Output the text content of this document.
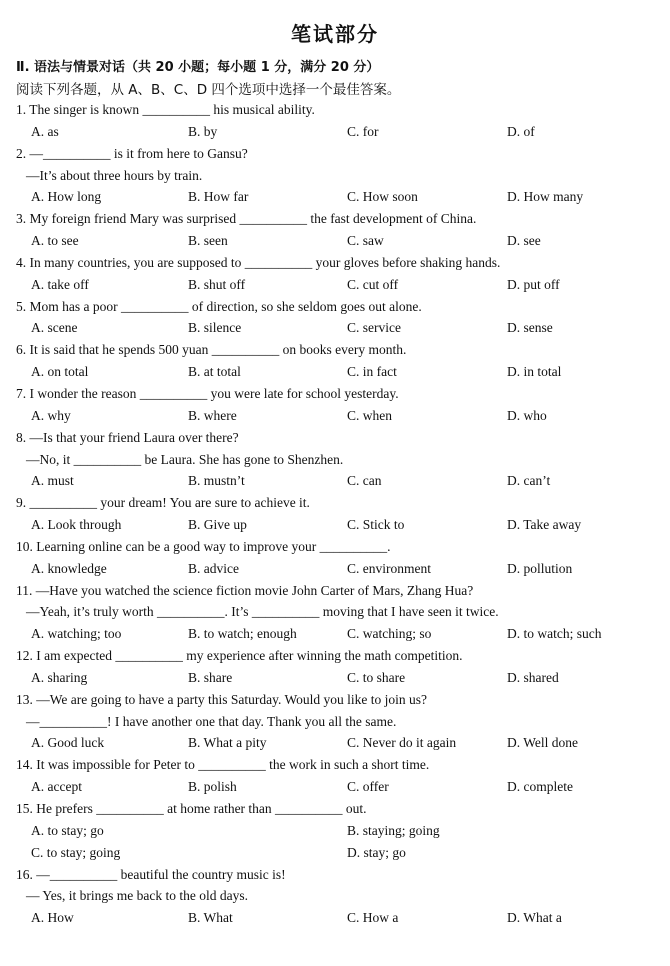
笔试部分
Ⅱ. 语法与情景对话（共 20 小题；每小题 1 分，满分 20 分）
阅读下列各题，从 A、B、C、D 四个选项中选择一个最佳答案。
1. The singer is known __________ his musical ability.
A. as	B. by	C. for	D. of
2. —__________ is it from here to Gansu?
—It’s about three hours by train.
A. How long	B. How far	C. How soon	D. How many
3. My foreign friend Mary was surprised __________ the fast development of China.
A. to see	B. seen	C. saw	D. see
4. In many countries, you are supposed to __________ your gloves before shaking hands.
A. take off	B. shut off	C. cut off	D. put off
5. Mom has a poor __________ of direction, so she seldom goes out alone.
A. scene	B. silence	C. service	D. sense
6. It is said that he spends 500 yuan __________ on books every month.
A. on total	B. at total	C. in fact	D. in total
7. I wonder the reason __________ you were late for school yesterday.
A. why	B. where	C. when	D. who
8. —Is that your friend Laura over there?
—No, it __________ be Laura. She has gone to Shenzhen.
A. must	B. mustn’t	C. can	D. can’t
9. __________ your dream! You are sure to achieve it.
A. Look through	B. Give up	C. Stick to	D. Take away
10. Learning online can be a good way to improve your __________.
A. knowledge	B. advice	C. environment	D. pollution
11. —Have you watched the science fiction movie John Carter of Mars, Zhang Hua?
—Yeah, it’s truly worth __________. It’s __________ moving that I have seen it twice.
A. watching; too	B. to watch; enough	C. watching; so	D. to watch; such
12. I am expected __________ my experience after winning the math competition.
A. sharing	B. share	C. to share	D. shared
13. —We are going to have a party this Saturday. Would you like to join us?
—__________! I have another one that day. Thank you all the same.
A. Good luck	B. What a pity	C. Never do it again	D. Well done
14. It was impossible for Peter to __________ the work in such a short time.
A. accept	B. polish	C. offer	D. complete
15. He prefers __________ at home rather than __________ out.
A. to stay; go	B. staying; going
C. to stay; going	D. stay; go
16. —__________ beautiful the country music is!
— Yes, it brings me back to the old days.
A. How	B. What	C. How a	D. What a
